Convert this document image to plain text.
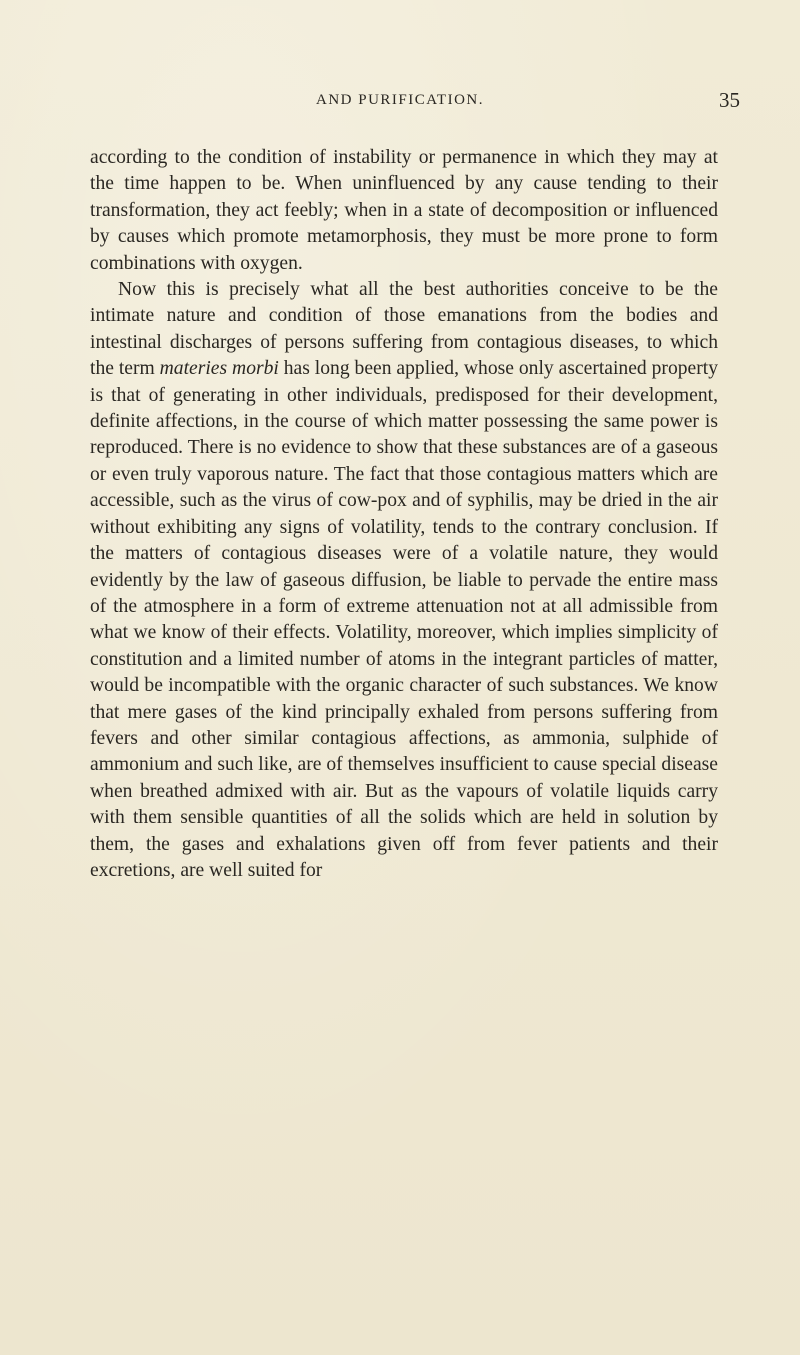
AND PURIFICATION.	35

according to the condition of instability or permanence in which they may at the time happen to be. When uninfluenced by any cause tending to their transformation, they act feebly; when in a state of decomposition or influenced by causes which promote metamorphosis, they must be more prone to form combinations with oxygen.

Now this is precisely what all the best authorities conceive to be the intimate nature and condition of those emanations from the bodies and intestinal discharges of persons suffering from contagious diseases, to which the term materies morbi has long been applied, whose only ascertained property is that of generating in other individuals, predisposed for their development, definite affections, in the course of which matter possessing the same power is reproduced. There is no evidence to show that these substances are of a gaseous or even truly vaporous nature. The fact that those contagious matters which are accessible, such as the virus of cow-pox and of syphilis, may be dried in the air without exhibiting any signs of volatility, tends to the contrary conclusion. If the matters of contagious diseases were of a volatile nature, they would evidently by the law of gaseous diffusion, be liable to pervade the entire mass of the atmosphere in a form of extreme attenuation not at all admissible from what we know of their effects. Volatility, moreover, which implies simplicity of constitution and a limited number of atoms in the integrant particles of matter, would be incompatible with the organic character of such substances. We know that mere gases of the kind principally exhaled from persons suffering from fevers and other similar contagious affections, as ammonia, sulphide of ammonium and such like, are of themselves insufficient to cause special disease when breathed admixed with air. But as the vapours of volatile liquids carry with them sensible quantities of all the solids which are held in solution by them, the gases and exhalations given off from fever patients and their excretions, are well suited for
